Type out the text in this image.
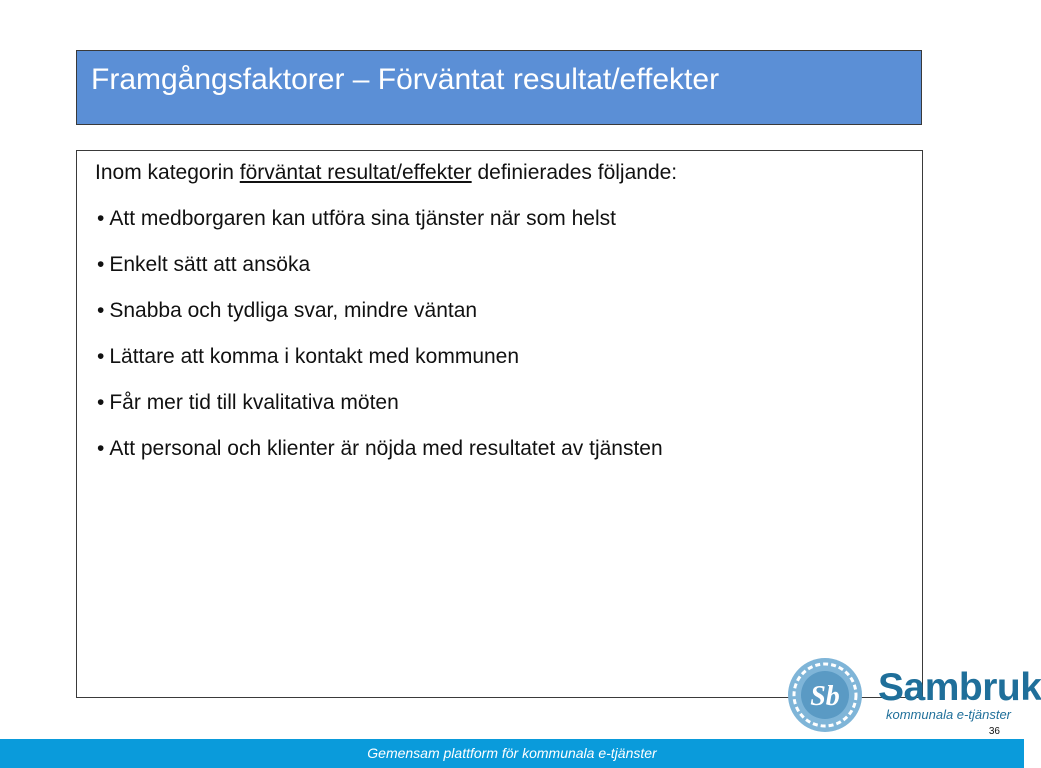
Framgångsfaktorer – Förväntat resultat/effekter
Inom kategorin förväntat resultat/effekter definierades följande:
• Att medborgaren kan utföra sina tjänster när som helst
• Enkelt sätt att ansöka
• Snabba och tydliga svar, mindre väntan
• Lättare att komma i kontakt med kommunen
• Får mer tid till kvalitativa möten
• Att personal och klienter är nöjda med resultatet av tjänsten
Sb Sambruk
kommunala e-tjänster
36
Gemensam plattform för kommunala e-tjänster
